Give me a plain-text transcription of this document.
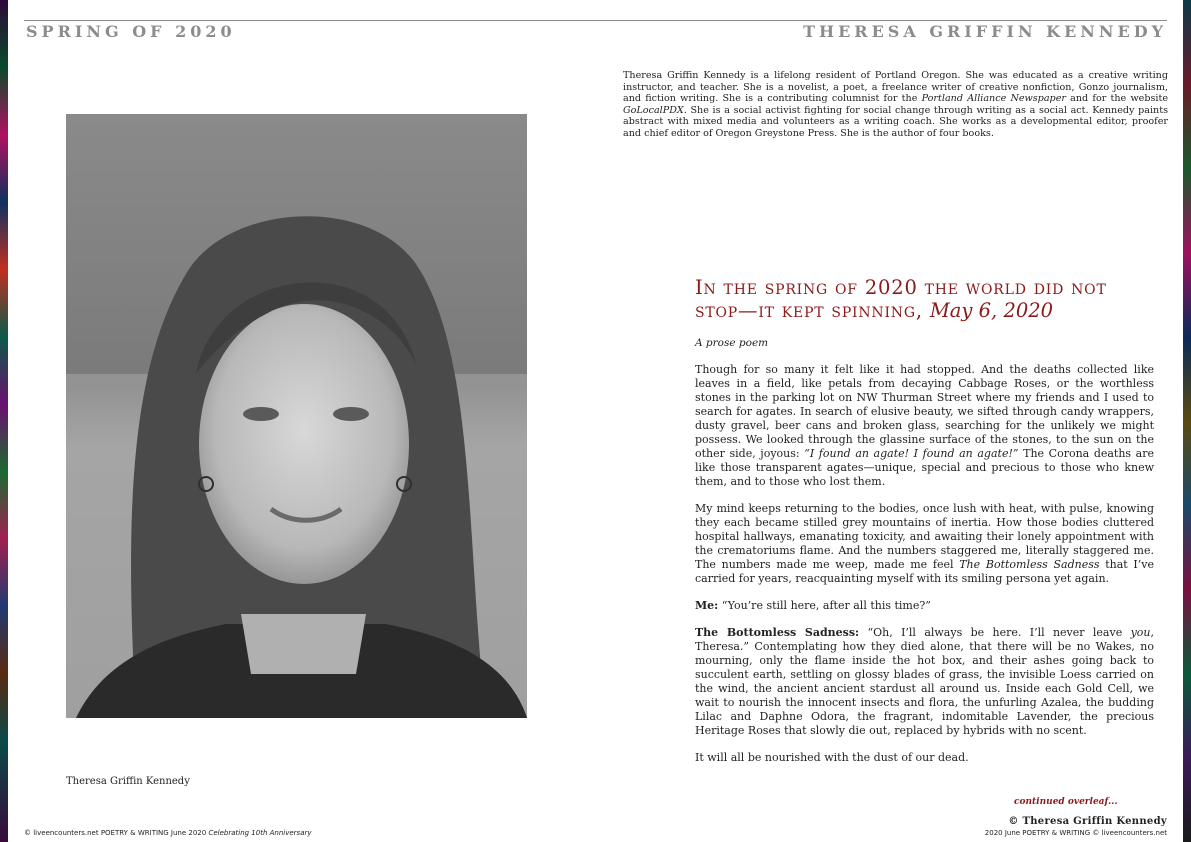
SPRING OF 2020	THERESA GRIFFIN KENNEDY
Theresa Griffin Kennedy is a lifelong resident of Portland Oregon. She was educated as a creative writing instructor, and teacher. She is a novelist, a poet, a freelance writer of creative nonfiction, Gonzo journalism, and fiction writing. She is a contributing columnist for the Portland Alliance Newspaper and for the website GoLocalPDX. She is a social activist fighting for social change through writing as a social act. Kennedy paints abstract with mixed media and volunteers as a writing coach. She works as a developmental editor, proofer and chief editor of Oregon Greystone Press. She is the author of four books.
Theresa Griffin Kennedy
In the spring of 2020 the world did not stop—it kept spinning, May 6, 2020
A prose poem

Though for so many it felt like it had stopped. And the deaths collected like leaves in a field, like petals from decaying Cabbage Roses, or the worthless stones in the parking lot on NW Thurman Street where my friends and I used to search for agates. In search of elusive beauty, we sifted through candy wrappers, dusty gravel, beer cans and broken glass, searching for the unlikely we might possess. We looked through the glassine surface of the stones, to the sun on the other side, joyous: “I found an agate! I found an agate!” The Corona deaths are like those transparent agates—unique, special and precious to those who knew them, and to those who lost them.

My mind keeps returning to the bodies, once lush with heat, with pulse, knowing they each became stilled grey mountains of inertia. How those bodies cluttered hospital hallways, emanating toxicity, and awaiting their lonely appointment with the crematoriums flame. And the numbers staggered me, literally staggered me. The numbers made me weep, made me feel The Bottomless Sadness that I’ve carried for years, reacquainting myself with its smiling persona yet again.

Me: “You’re still here, after all this time?”

The Bottomless Sadness: “Oh, I’ll always be here. I’ll never leave you, Theresa.” Contemplating how they died alone, that there will be no Wakes, no mourning, only the flame inside the hot box, and their ashes going back to succulent earth, settling on glossy blades of grass, the invisible Loess carried on the wind, the ancient ancient stardust all around us. Inside each Gold Cell, we wait to nourish the innocent insects and flora, the unfurling Azalea, the budding Lilac and Daphne Odora, the fragrant, indomitable Lavender, the precious Heritage Roses that slowly die out, replaced by hybrids with no scent.

It will all be nourished with the dust of our dead.

continued overleaf...
© Theresa Griffin Kennedy
© liveencounters.net POETRY & WRITING June 2020 Celebrating 10th Anniversary	2020 June POETRY & WRITING © liveencounters.net
